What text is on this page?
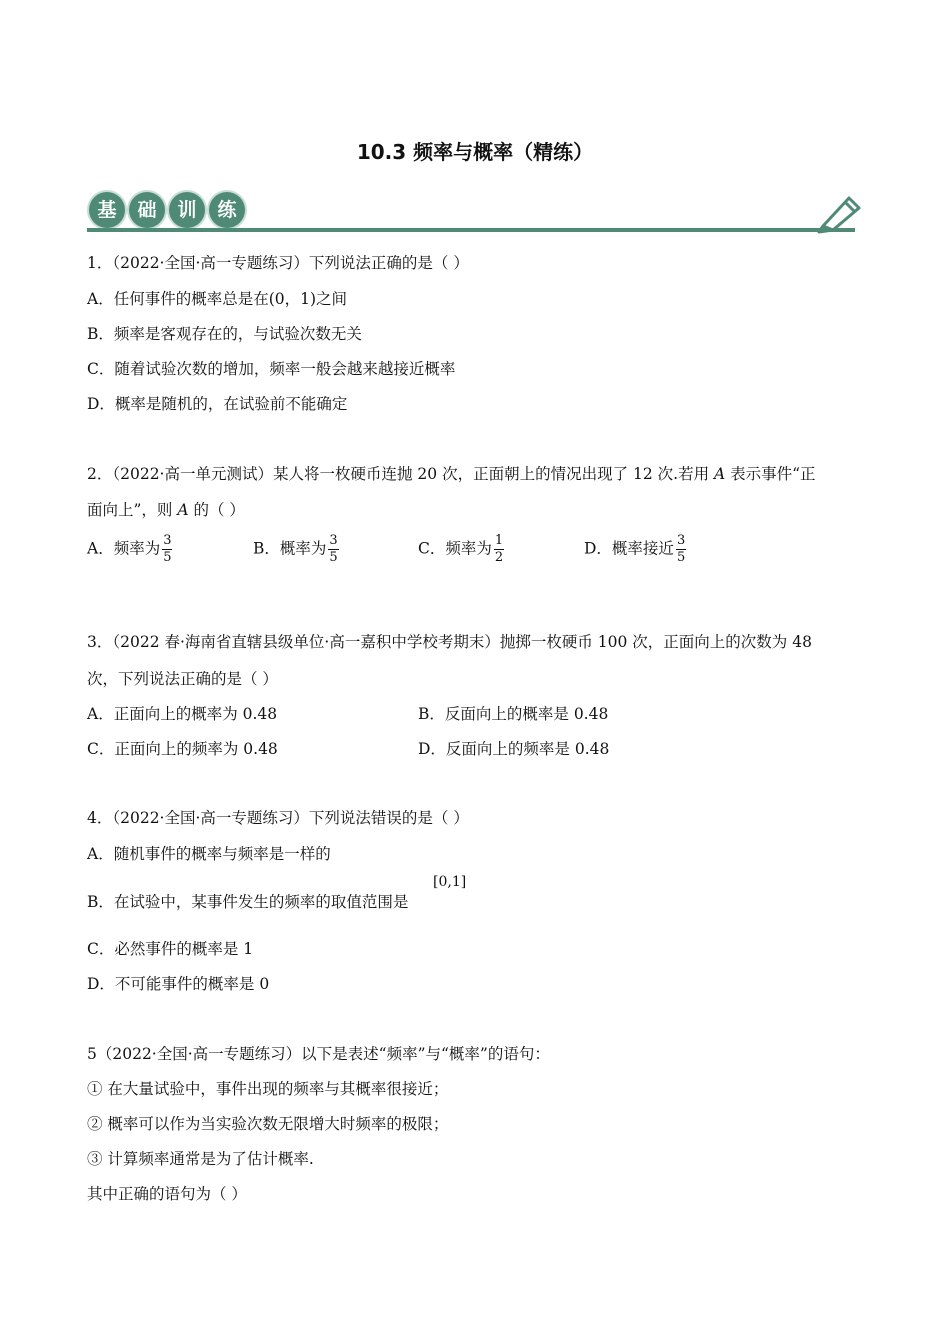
10.3 频率与概率（精练）
基	础	训	练
1．（2022·全国·高一专题练习）下列说法正确的是（ ）
A．任何事件的概率总是在(0，1)之间
B．频率是客观存在的，与试验次数无关
C．随着试验次数的增加，频率一般会越来越接近概率
D．概率是随机的，在试验前不能确定
2．（2022·高一单元测试）某人将一枚硬币连抛 20 次，正面朝上的情况出现了 12 次.若用 A 表示事件“正
面向上”，则 A 的（ ）
A．频率为 $\frac{3}{5}$	B．概率为 $\frac{3}{5}$	C．频率为 $\frac{1}{2}$	D．概率接近 $\frac{3}{5}$
3．（2022 春·海南省直辖县级单位·高一嘉积中学校考期末）抛掷一枚硬币 100 次，正面向上的次数为 48
次，下列说法正确的是（ ）
A．正面向上的概率为 0.48	B．反面向上的概率是 0.48
C．正面向上的频率为 0.48	D．反面向上的频率是 0.48
4．（2022·全国·高一专题练习）下列说法错误的是（ ）
A．随机事件的概率与频率是一样的
B．在试验中，某事件发生的频率的取值范围是
[0,1]
C．必然事件的概率是 1
D．不可能事件的概率是 0
5（2022·全国·高一专题练习）以下是表述“频率”与“概率”的语句：
① 在大量试验中，事件出现的频率与其概率很接近；
② 概率可以作为当实验次数无限增大时频率的极限；
③ 计算频率通常是为了估计概率.
其中正确的语句为（ ）
